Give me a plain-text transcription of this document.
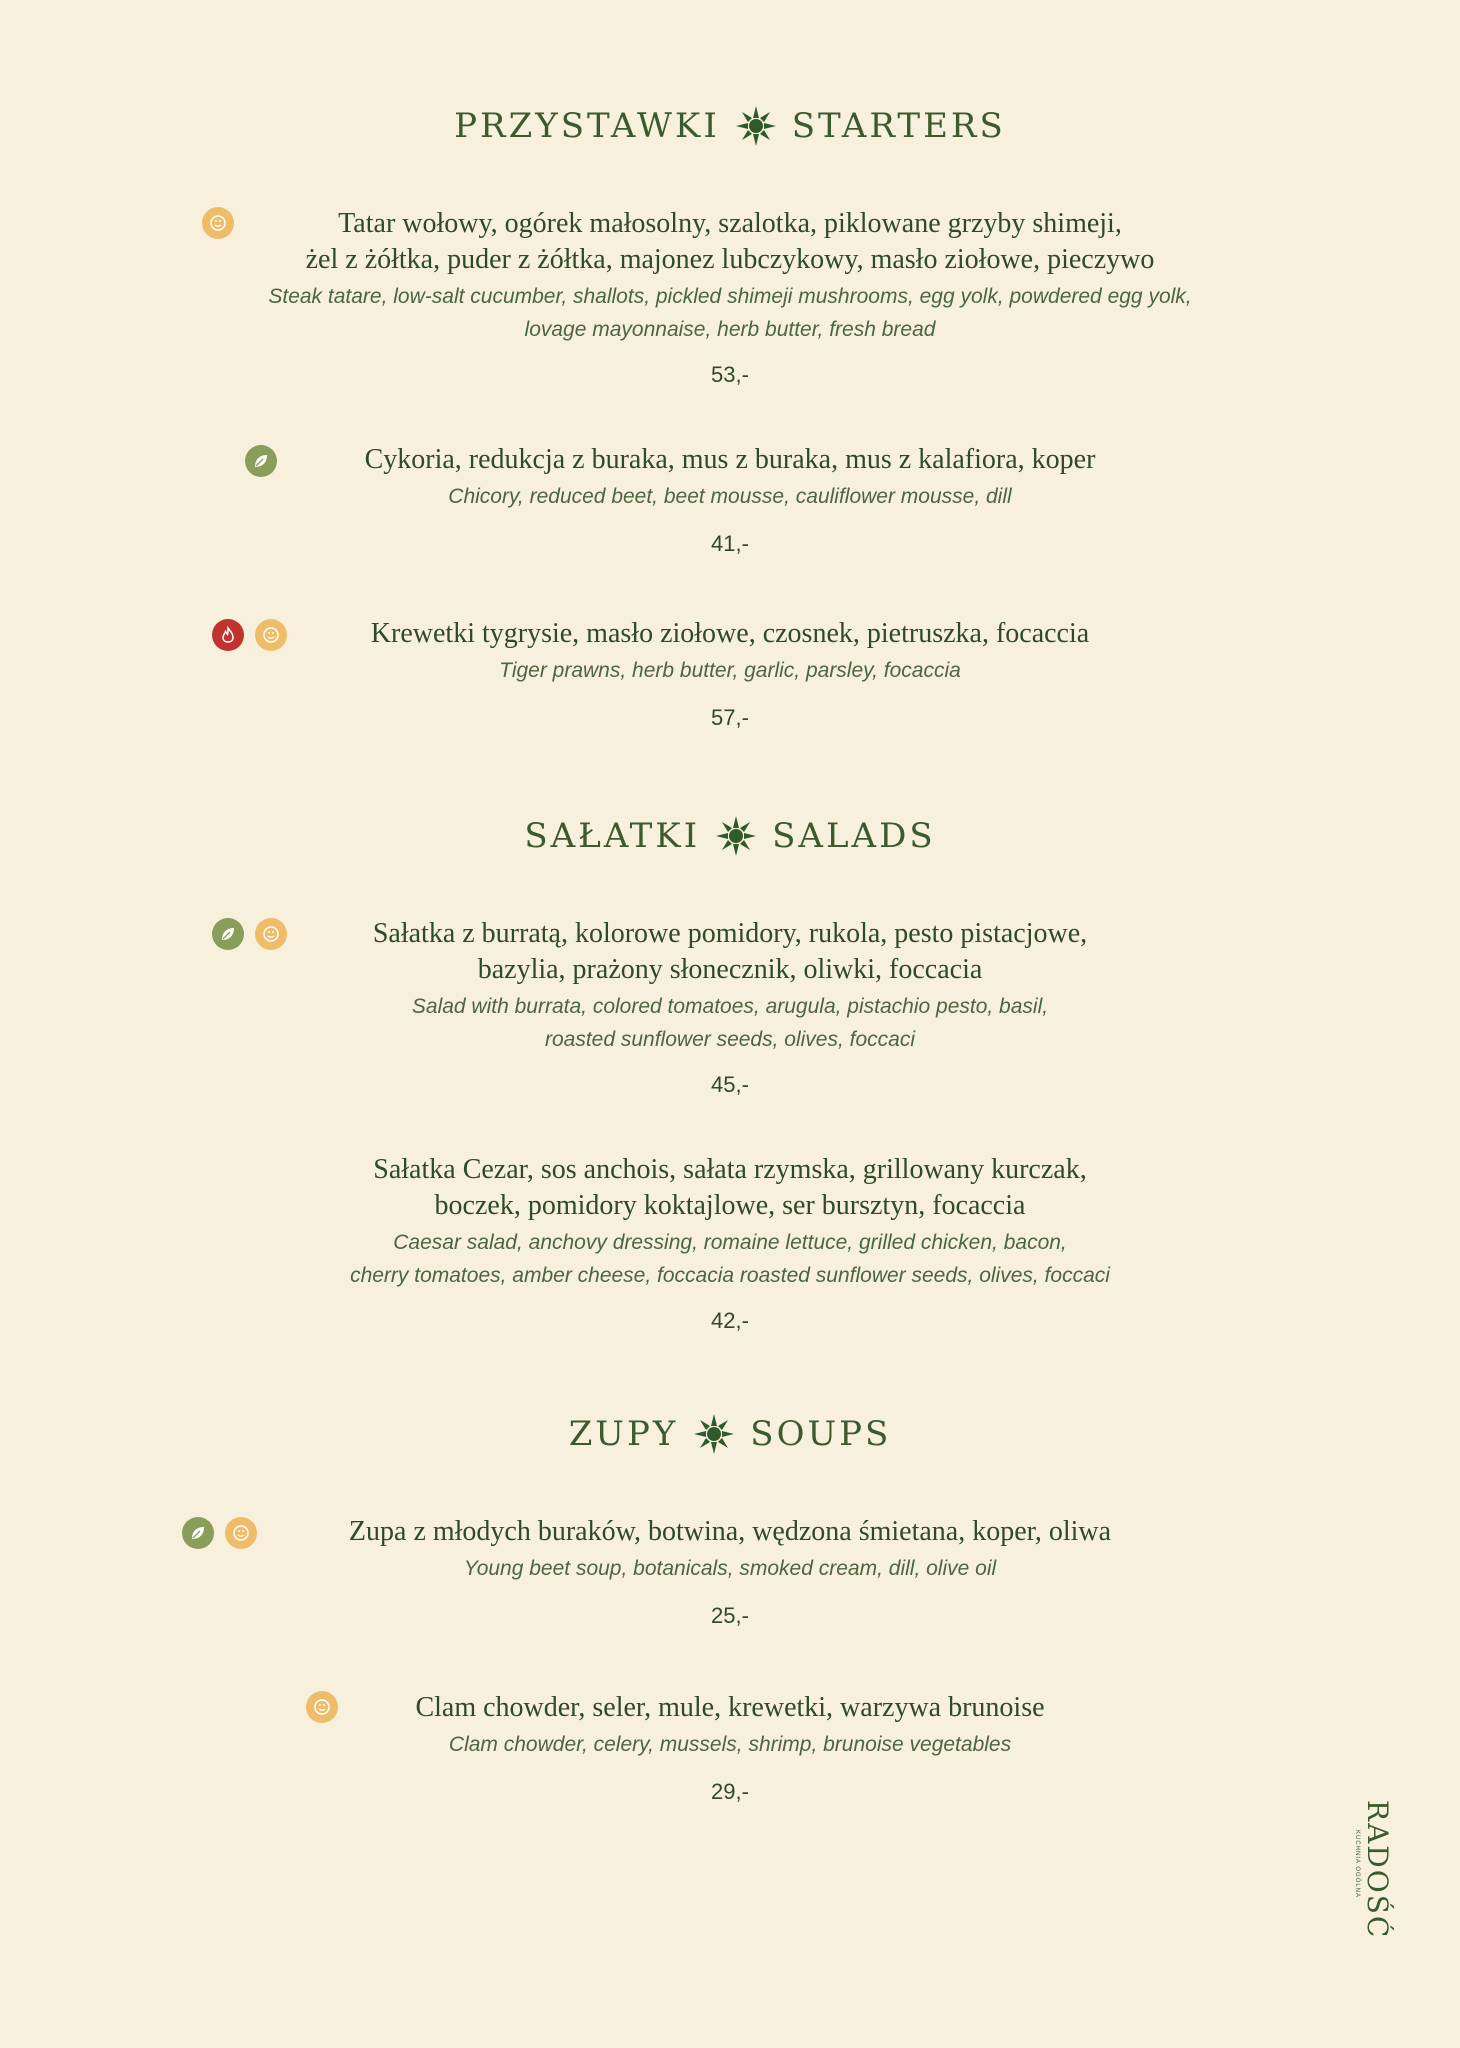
PRZYSTAWKI STARTERS
Tatar wołowy, ogórek małosolny, szalotka, piklowane grzyby shimeji,
żel z żółtka, puder z żółtka, majonez lubczykowy, masło ziołowe, pieczywo
Steak tatare, low-salt cucumber, shallots, pickled shimeji mushrooms, egg yolk, powdered egg yolk,
lovage mayonnaise, herb butter, fresh bread
53,-
Cykoria, redukcja z buraka, mus z buraka, mus z kalafiora, koper
Chicory, reduced beet, beet mousse, cauliflower mousse, dill
41,-
Krewetki tygrysie, masło ziołowe, czosnek, pietruszka, focaccia
Tiger prawns, herb butter, garlic, parsley, focaccia
57,-
SAŁATKI SALADS
Sałatka z burratą, kolorowe pomidory, rukola, pesto pistacjowe,
bazylia, prażony słonecznik, oliwki, foccacia
Salad with burrata, colored tomatoes, arugula, pistachio pesto, basil,
roasted sunflower seeds, olives, foccaci
45,-
Sałatka Cezar, sos anchois, sałata rzymska, grillowany kurczak,
boczek, pomidory koktajlowe, ser bursztyn, focaccia
Caesar salad, anchovy dressing, romaine lettuce, grilled chicken, bacon,
cherry tomatoes, amber cheese, foccacia roasted sunflower seeds, olives, foccaci
42,-
ZUPY SOUPS
Zupa z młodych buraków, botwina, wędzona śmietana, koper, oliwa
Young beet soup, botanicals, smoked cream, dill, olive oil
25,-
Clam chowder, seler, mule, krewetki, warzywa brunoise
Clam chowder, celery, mussels, shrimp, brunoise vegetables
29,-
RADOŚĆ
KUCHNIA OGÓLNA
